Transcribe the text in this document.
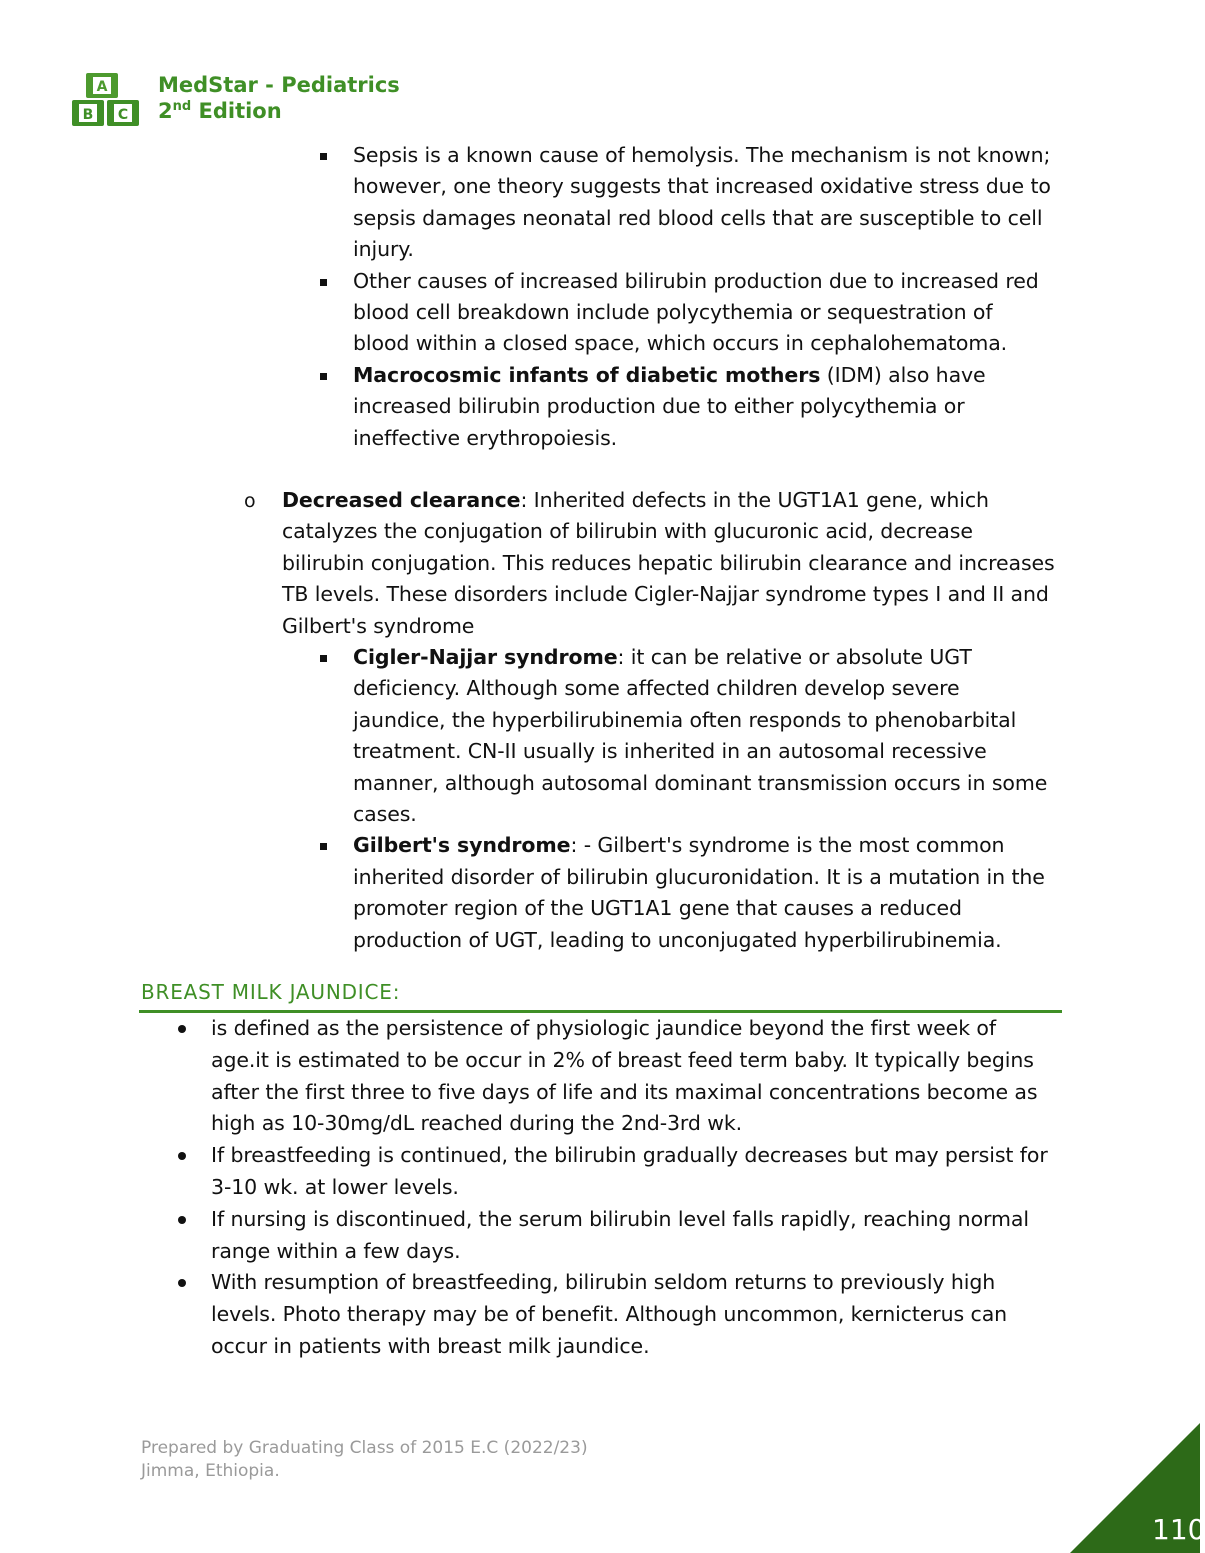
A
B C
MedStar - Pediatrics
2nd Edition
Sepsis is a known cause of hemolysis. The mechanism is not known; however, one theory suggests that increased oxidative stress due to sepsis damages neonatal red blood cells that are susceptible to cell injury.
Other causes of increased bilirubin production due to increased red blood cell breakdown include polycythemia or sequestration of blood within a closed space, which occurs in cephalohematoma.
Macrocosmic infants of diabetic mothers (IDM) also have increased bilirubin production due to either polycythemia or ineffective erythropoiesis.
o Decreased clearance: Inherited defects in the UGT1A1 gene, which catalyzes the conjugation of bilirubin with glucuronic acid, decrease bilirubin conjugation. This reduces hepatic bilirubin clearance and increases TB levels. These disorders include Cigler-Najjar syndrome types I and II and Gilbert's syndrome

Cigler-Najjar syndrome: it can be relative or absolute UGT deficiency. Although some affected children develop severe jaundice, the hyperbilirubinemia often responds to phenobarbital treatment. CN-II usually is inherited in an autosomal recessive manner, although autosomal dominant transmission occurs in some cases.
Gilbert's syndrome: - Gilbert's syndrome is the most common inherited disorder of bilirubin glucuronidation. It is a mutation in the promoter region of the UGT1A1 gene that causes a reduced production of UGT, leading to unconjugated hyperbilirubinemia.
BREAST MILK JAUNDICE:
is defined as the persistence of physiologic jaundice beyond the first week of age.it is estimated to be occur in 2% of breast feed term baby. It typically begins after the first three to five days of life and its maximal concentrations become as high as 10-30mg/dL reached during the 2nd-3rd wk.
If breastfeeding is continued, the bilirubin gradually decreases but may persist for 3-10 wk. at lower levels.
If nursing is discontinued, the serum bilirubin level falls rapidly, reaching normal range within a few days.
With resumption of breastfeeding, bilirubin seldom returns to previously high levels. Photo therapy may be of benefit. Although uncommon, kernicterus can occur in patients with breast milk jaundice.
Prepared by Graduating Class of 2015 E.C (2022/23)
Jimma, Ethiopia.
110
